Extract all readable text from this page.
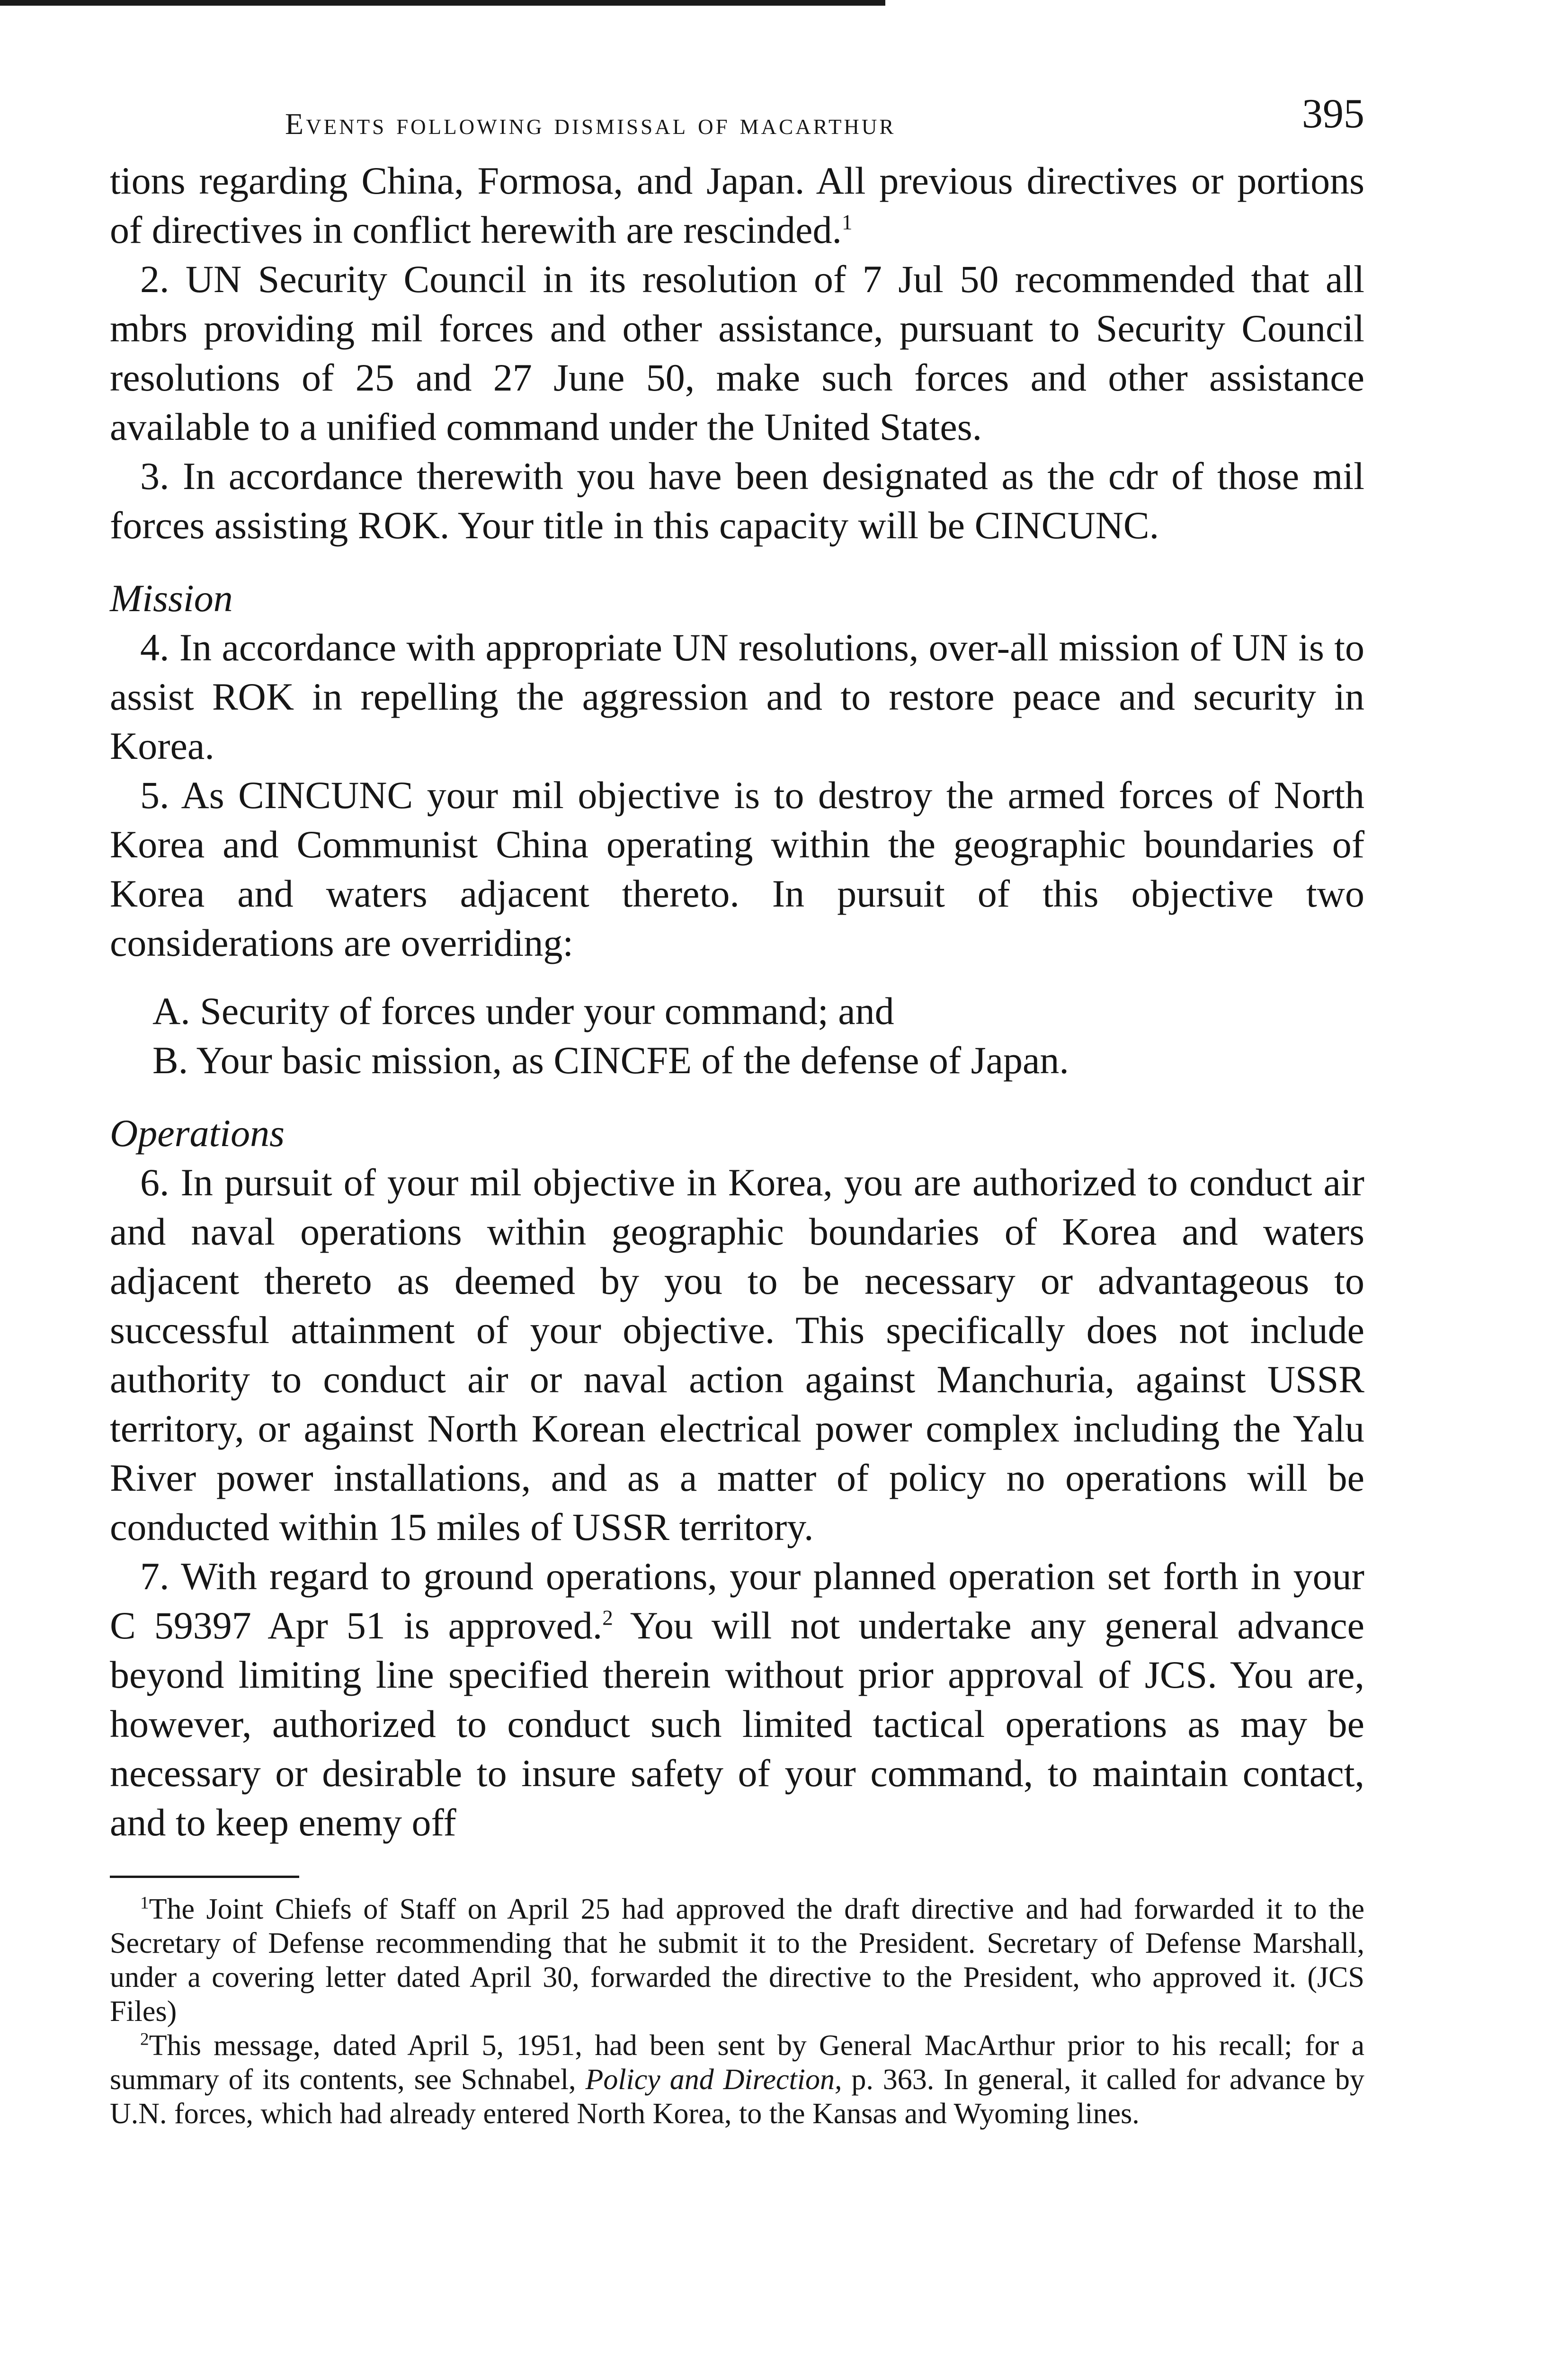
Events following dismissal of macarthur	395

tions regarding China, Formosa, and Japan. All previous directives or portions of directives in conflict herewith are rescinded.$^1$

2. UN Security Council in its resolution of 7 Jul 50 recommended that all mbrs providing mil forces and other assistance, pursuant to Security Council resolutions of 25 and 27 June 50, make such forces and other assistance available to a unified command under the United States.

3. In accordance therewith you have been designated as the cdr of those mil forces assisting ROK. Your title in this capacity will be CINCUNC.

Mission

4. In accordance with appropriate UN resolutions, over-all mission of UN is to assist ROK in repelling the aggression and to restore peace and security in Korea.

5. As CINCUNC your mil objective is to destroy the armed forces of North Korea and Communist China operating within the geographic boundaries of Korea and waters adjacent thereto. In pursuit of this objective two considerations are overriding:

A. Security of forces under your command; and

B. Your basic mission, as CINCFE of the defense of Japan.

Operations

6. In pursuit of your mil objective in Korea, you are authorized to conduct air and naval operations within geographic boundaries of Korea and waters adjacent thereto as deemed by you to be necessary or advantageous to successful attainment of your objective. This specifically does not include authority to conduct air or naval action against Manchuria, against USSR territory, or against North Korean electrical power complex including the Yalu River power installations, and as a matter of policy no operations will be conducted within 15 miles of USSR territory.

7. With regard to ground operations, your planned operation set forth in your C 59397 Apr 51 is approved.$^2$ You will not undertake any general advance beyond limiting line specified therein without prior approval of JCS. You are, however, authorized to conduct such limited tactical operations as may be necessary or desirable to insure safety of your command, to maintain contact, and to keep enemy off

$^1$The Joint Chiefs of Staff on April 25 had approved the draft directive and had forwarded it to the Secretary of Defense recommending that he submit it to the President. Secretary of Defense Marshall, under a covering letter dated April 30, forwarded the directive to the President, who approved it. (JCS Files)

$^2$This message, dated April 5, 1951, had been sent by General MacArthur prior to his recall; for a summary of its contents, see Schnabel, Policy and Direction, p. 363. In general, it called for advance by U.N. forces, which had already entered North Korea, to the Kansas and Wyoming lines.
